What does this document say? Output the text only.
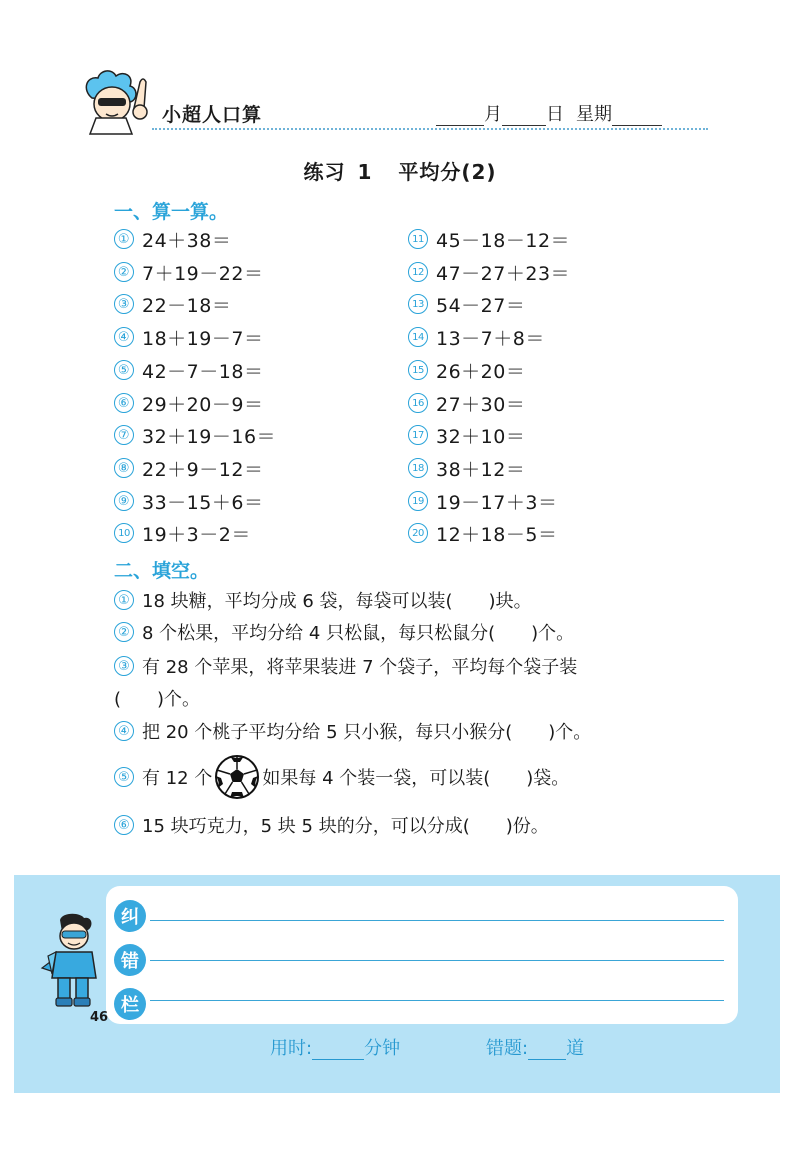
小超人口算	月 日 星期
练习 1 平均分(2)
一、算一算。
① 24＋38＝
② 7＋19－22＝
③ 22－18＝
④ 18＋19－7＝
⑤ 42－7－18＝
⑥ 29＋20－9＝
⑦ 32＋19－16＝
⑧ 22＋9－12＝
⑨ 33－15＋6＝
10 19＋3－2＝
11 45－18－12＝
12 47－27＋23＝
13 54－27＝
14 13－7＋8＝
15 26＋20＝
16 27＋30＝
17 32＋10＝
18 38＋12＝
19 19－17＋3＝
20 12＋18－5＝
二、填空。
① 18 块糖，平均分成 6 袋，每袋可以装(　　)块。
② 8 个松果，平均分给 4 只松鼠，每只松鼠分(　　)个。
③ 有 28 个苹果，将苹果装进 7 个袋子，平均每个袋子装
(　　)个。
④ 把 20 个桃子平均分给 5 只小猴，每只小猴分(　　)个。
⑤ 有 12 个	如果每 4 个装一袋，可以装(　　)袋。
⑥ 15 块巧克力，5 块 5 块的分，可以分成(　　)份。
纠
错
栏
46
用时:	分钟	错题: 道
